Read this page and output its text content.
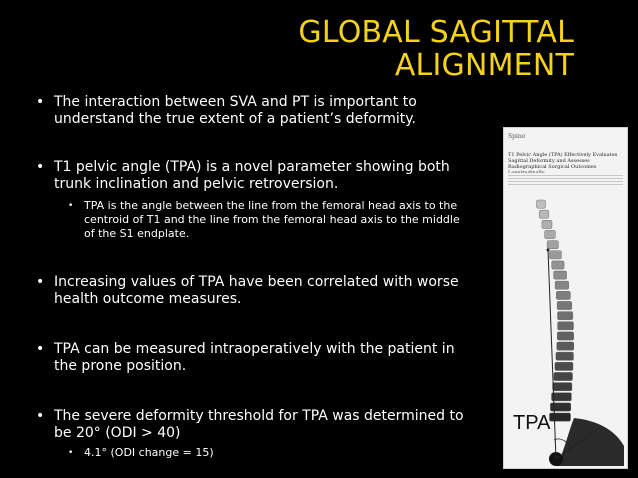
GLOBAL SAGITTAL
ALIGNMENT
• The interaction between SVA and PT is important to understand the true extent of a patient’s deformity.
• T1 pelvic angle (TPA) is a novel parameter showing both trunk inclination and pelvic retroversion.
• TPA is the angle between the line from the femoral head axis to the centroid of T1 and the line from the femoral head axis to the middle of the S1 endplate.
• Increasing values of TPA have been correlated with worse health outcome measures.
• TPA can be measured intraoperatively with the patient in the prone position.
• The severe deformity threshold for TPA was determined to be 20° (ODI > 40)
• 4.1° (ODI change = 15)
Spine
T1 Pelvic Angle (TPA) Effectively Evaluates Sagittal Deformity and Assesses Radiographical Surgical Outcomes
TPA
